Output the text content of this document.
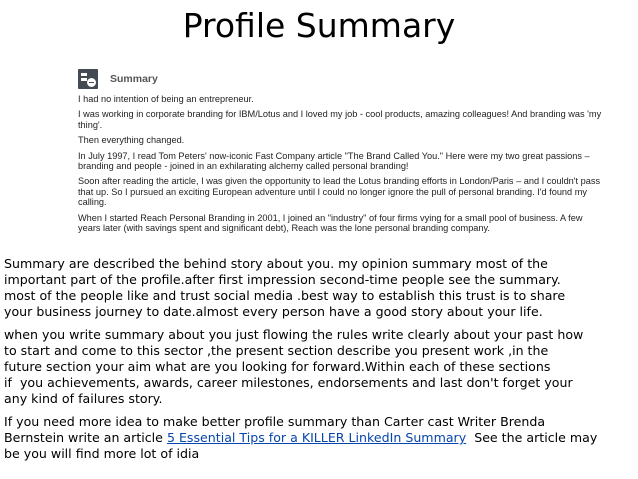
Profile Summary
Summary

I had no intention of being an entrepreneur.

I was working in corporate branding for IBM/Lotus and I loved my job - cool products, amazing colleagues! And branding was 'my thing'.

Then everything changed.

In July 1997, I read Tom Peters' now-iconic Fast Company article "The Brand Called You." Here were my two great passions – branding and people - joined in an exhilarating alchemy called personal branding!

Soon after reading the article, I was given the opportunity to lead the Lotus branding efforts in London/Paris – and I couldn't pass that up. So I pursued an exciting European adventure until I could no longer ignore the pull of personal branding. I'd found my calling.

When I started Reach Personal Branding in 2001, I joined an "industry" of four firms vying for a small pool of business. A few years later (with savings spent and significant debt), Reach was the lone personal branding company.

Summary are described the behind story about you. my opinion summary most of the
important part of the profile.after first impression second-time people see the summary.
most of the people like and trust social media .best way to establish this trust is to share
your business journey to date.almost every person have a good story about your life.

when you write summary about you just flowing the rules write clearly about your past how
to start and come to this sector ,the present section describe you present work ,in the
future section your aim what are you looking for forward.Within each of these sections
if  you achievements, awards, career milestones, endorsements and last don't forget your
any kind of failures story.

If you need more idea to make better profile summary than Carter cast Writer Brenda
Bernstein write an article 5 Essential Tips for a KILLER LinkedIn Summary  See the article may
be you will find more lot of idia
